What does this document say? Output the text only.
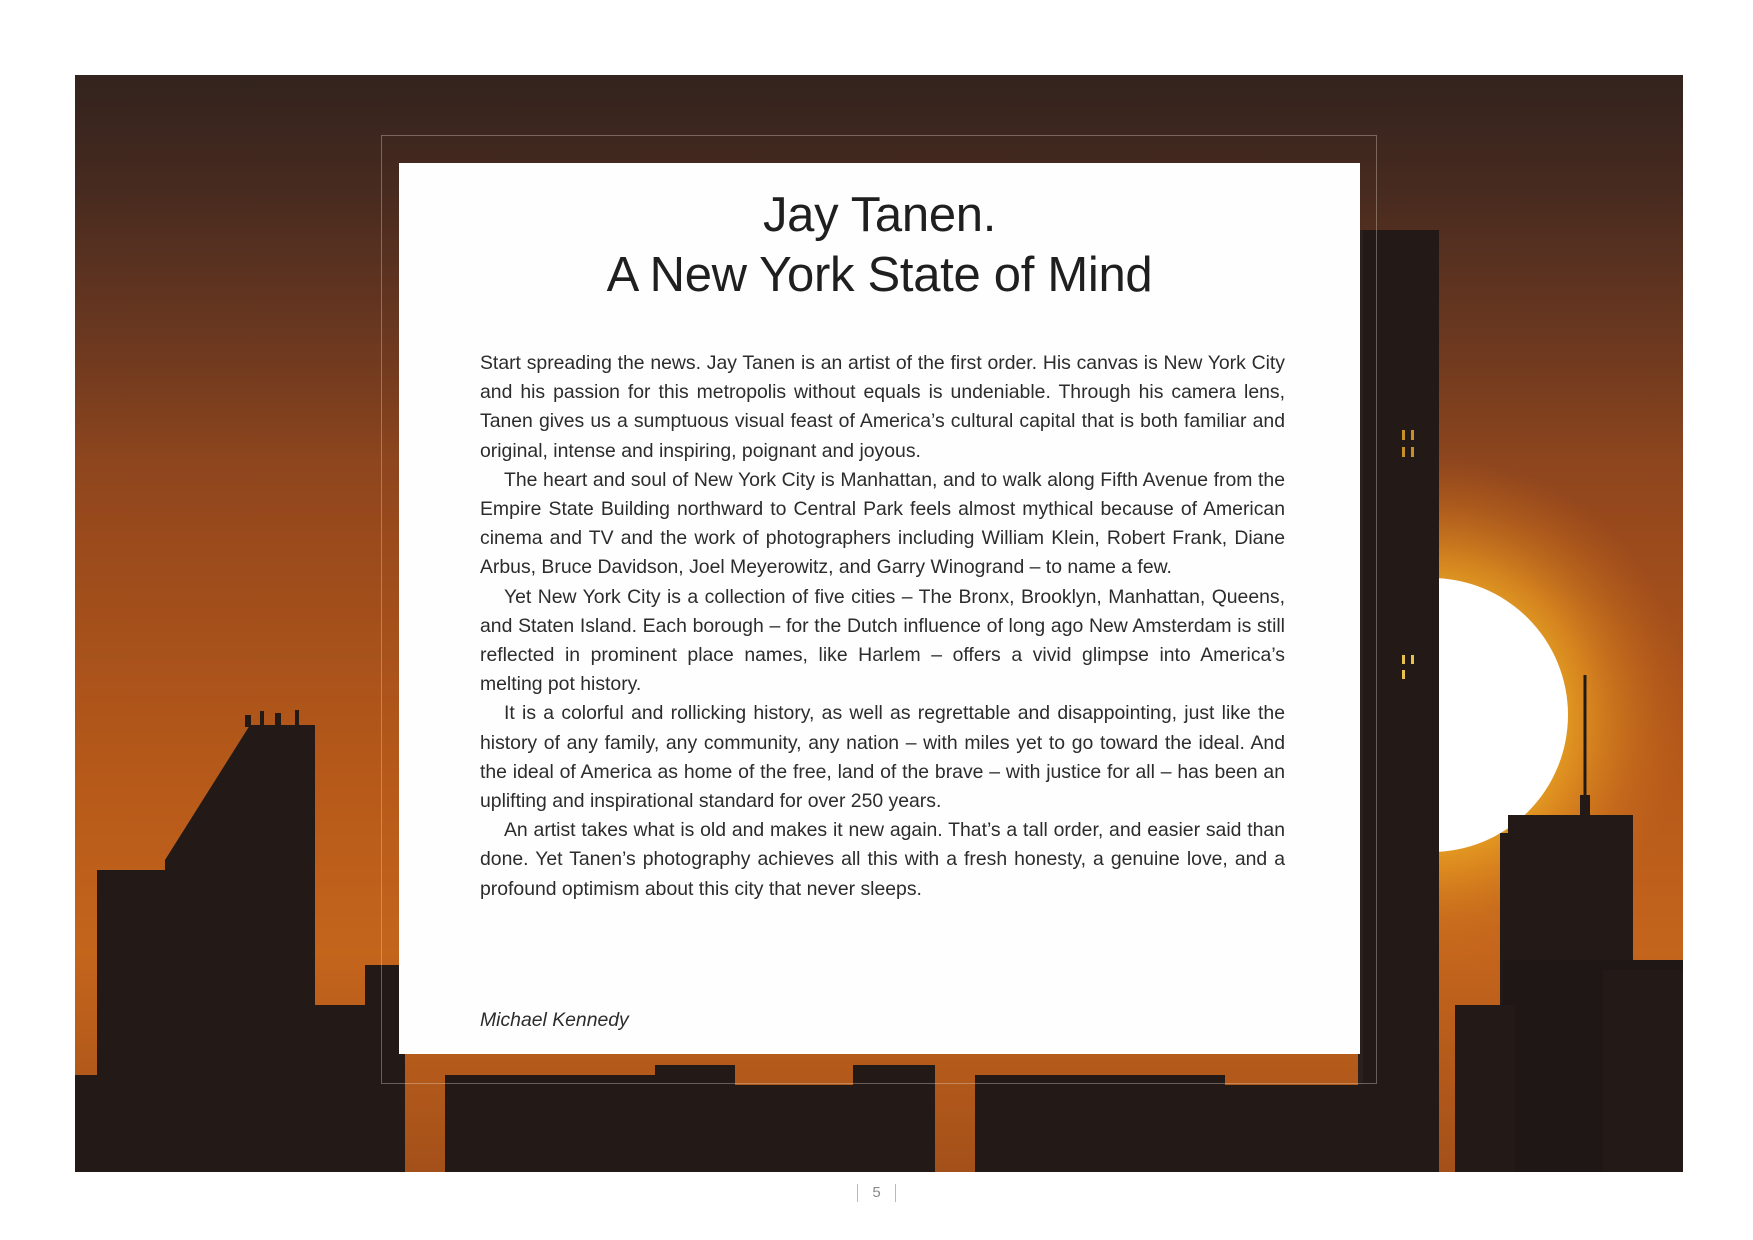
Jay Tanen.
A New York State of Mind

Start spreading the news. Jay Tanen is an artist of the first order. His canvas is New York City and his passion for this metropolis without equals is undeniable. Through his camera lens, Tanen gives us a sumptuous visual feast of America’s cultural capital that is both familiar and original, intense and inspiring, poignant and joyous.

The heart and soul of New York City is Manhattan, and to walk along Fifth Avenue from the Empire State Building northward to Central Park feels almost mythical because of American cinema and TV and the work of photographers including William Klein, Robert Frank, Diane Arbus, Bruce Davidson, Joel Meyerowitz, and Garry Winogrand – to name a few.

Yet New York City is a collection of five cities – The Bronx, Brooklyn, Manhattan, Queens, and Staten Island. Each borough – for the Dutch influence of long ago New Amsterdam is still reflected in prominent place names, like Harlem – offers a vivid glimpse into America’s melting pot history.

It is a colorful and rollicking history, as well as regrettable and disappointing, just like the history of any family, any community, any nation – with miles yet to go toward the ideal. And the ideal of America as home of the free, land of the brave – with justice for all – has been an uplifting and inspirational standard for over 250 years.

An artist takes what is old and makes it new again. That’s a tall order, and easier said than done. Yet Tanen’s photography achieves all this with a fresh honesty, a genuine love, and a profound optimism about this city that never sleeps.

Michael Kennedy
5
